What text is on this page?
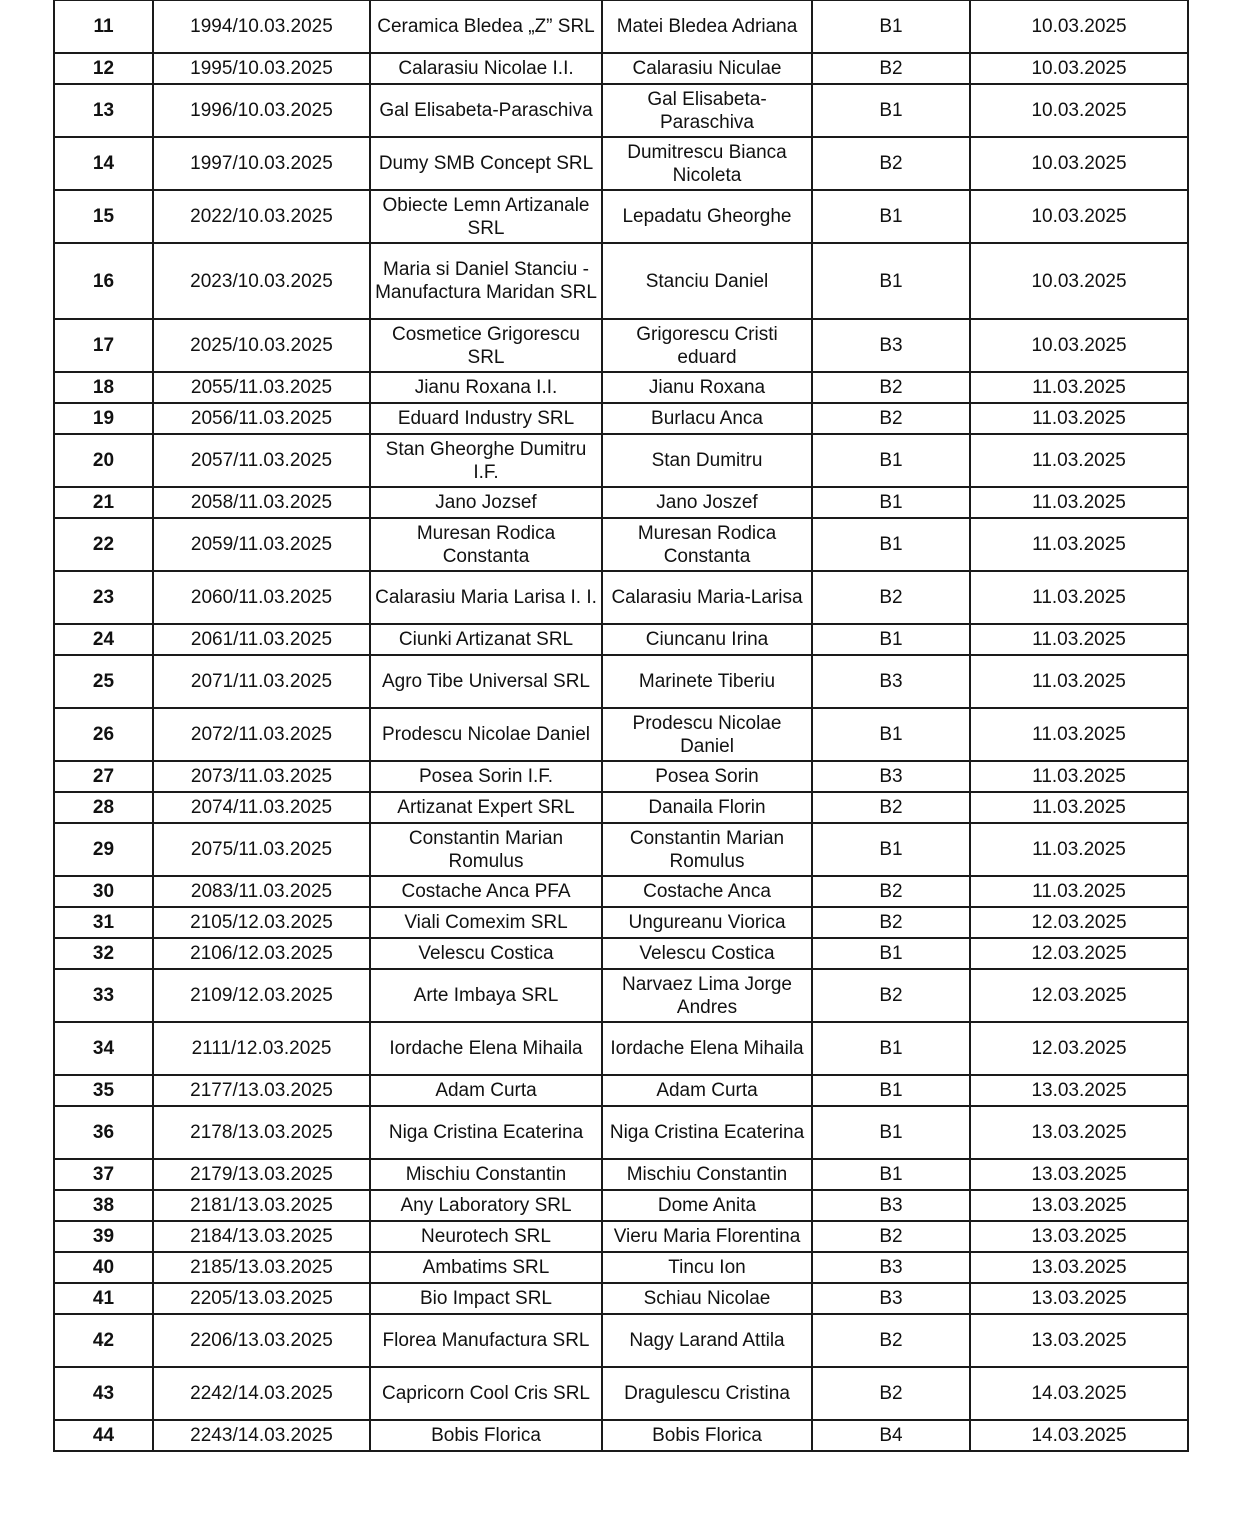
11	1994/10.03.2025	Ceramica Bledea „Z” SRL	Matei Bledea Adriana	B1	10.03.2025
12	1995/10.03.2025	Calarasiu Nicolae I.I.	Calarasiu Niculae	B2	10.03.2025
13	1996/10.03.2025	Gal Elisabeta-Paraschiva	Gal Elisabeta-Paraschiva	B1	10.03.2025
14	1997/10.03.2025	Dumy SMB Concept SRL	Dumitrescu Bianca Nicoleta	B2	10.03.2025
15	2022/10.03.2025	Obiecte Lemn Artizanale SRL	Lepadatu Gheorghe	B1	10.03.2025
16	2023/10.03.2025	Maria si Daniel Stanciu - Manufactura Maridan SRL	Stanciu Daniel	B1	10.03.2025
17	2025/10.03.2025	Cosmetice Grigorescu SRL	Grigorescu Cristi eduard	B3	10.03.2025
18	2055/11.03.2025	Jianu Roxana I.I.	Jianu Roxana	B2	11.03.2025
19	2056/11.03.2025	Eduard Industry SRL	Burlacu Anca	B2	11.03.2025
20	2057/11.03.2025	Stan Gheorghe Dumitru I.F.	Stan Dumitru	B1	11.03.2025
21	2058/11.03.2025	Jano Jozsef	Jano Joszef	B1	11.03.2025
22	2059/11.03.2025	Muresan Rodica Constanta	Muresan Rodica Constanta	B1	11.03.2025
23	2060/11.03.2025	Calarasiu Maria Larisa I. I.	Calarasiu Maria-Larisa	B2	11.03.2025
24	2061/11.03.2025	Ciunki Artizanat SRL	Ciuncanu Irina	B1	11.03.2025
25	2071/11.03.2025	Agro Tibe Universal SRL	Marinete Tiberiu	B3	11.03.2025
26	2072/11.03.2025	Prodescu Nicolae Daniel	Prodescu Nicolae Daniel	B1	11.03.2025
27	2073/11.03.2025	Posea Sorin I.F.	Posea Sorin	B3	11.03.2025
28	2074/11.03.2025	Artizanat Expert SRL	Danaila Florin	B2	11.03.2025
29	2075/11.03.2025	Constantin Marian Romulus	Constantin Marian Romulus	B1	11.03.2025
30	2083/11.03.2025	Costache Anca PFA	Costache Anca	B2	11.03.2025
31	2105/12.03.2025	Viali Comexim SRL	Ungureanu Viorica	B2	12.03.2025
32	2106/12.03.2025	Velescu Costica	Velescu Costica	B1	12.03.2025
33	2109/12.03.2025	Arte Imbaya SRL	Narvaez Lima Jorge Andres	B2	12.03.2025
34	2111/12.03.2025	Iordache Elena Mihaila	Iordache Elena Mihaila	B1	12.03.2025
35	2177/13.03.2025	Adam Curta	Adam Curta	B1	13.03.2025
36	2178/13.03.2025	Niga Cristina Ecaterina	Niga Cristina Ecaterina	B1	13.03.2025
37	2179/13.03.2025	Mischiu Constantin	Mischiu Constantin	B1	13.03.2025
38	2181/13.03.2025	Any Laboratory SRL	Dome Anita	B3	13.03.2025
39	2184/13.03.2025	Neurotech SRL	Vieru Maria Florentina	B2	13.03.2025
40	2185/13.03.2025	Ambatims SRL	Tincu Ion	B3	13.03.2025
41	2205/13.03.2025	Bio Impact SRL	Schiau Nicolae	B3	13.03.2025
42	2206/13.03.2025	Florea Manufactura SRL	Nagy Larand Attila	B2	13.03.2025
43	2242/14.03.2025	Capricorn Cool Cris SRL	Dragulescu Cristina	B2	14.03.2025
44	2243/14.03.2025	Bobis Florica	Bobis Florica	B4	14.03.2025
